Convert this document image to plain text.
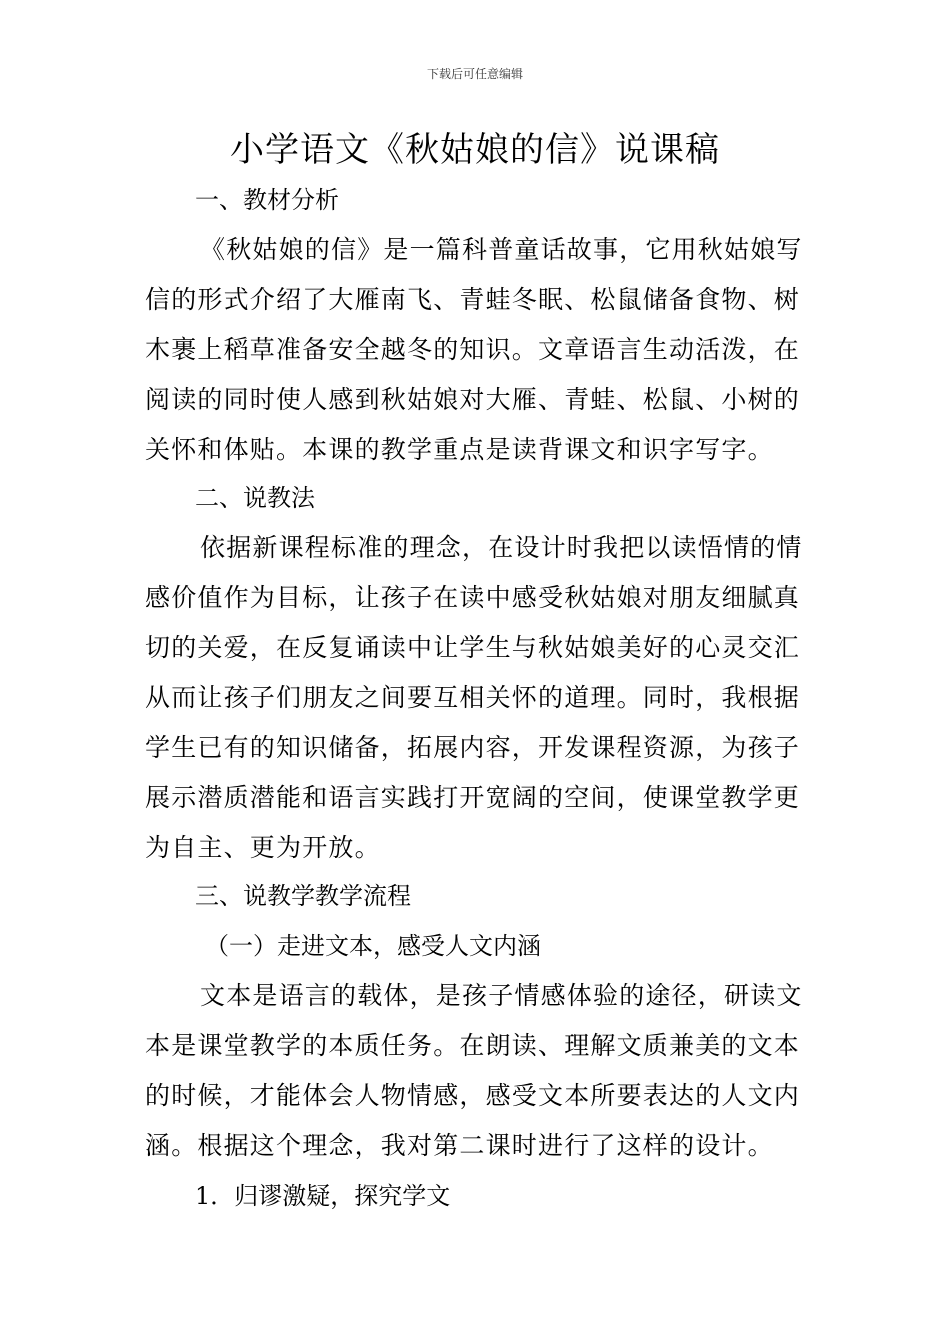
下载后可任意编辑
小学语文《秋姑娘的信》说课稿
一、教材分析
《秋姑娘的信》是一篇科普童话故事，它用秋姑娘写
信的形式介绍了大雁南飞、青蛙冬眠、松鼠储备食物、树
木裹上稻草准备安全越冬的知识。文章语言生动活泼，在
阅读的同时使人感到秋姑娘对大雁、青蛙、松鼠、小树的
关怀和体贴。本课的教学重点是读背课文和识字写字。
二、说教法
依据新课程标准的理念，在设计时我把以读悟情的情
感价值作为目标，让孩子在读中感受秋姑娘对朋友细腻真
切的关爱，在反复诵读中让学生与秋姑娘美好的心灵交汇
从而让孩子们朋友之间要互相关怀的道理。同时，我根据
学生已有的知识储备，拓展内容，开发课程资源，为孩子
展示潜质潜能和语言实践打开宽阔的空间，使课堂教学更
为自主、更为开放。
三、说教学教学流程
（一）走进文本，感受人文内涵
文本是语言的载体，是孩子情感体验的途径，研读文
本是课堂教学的本质任务。在朗读、理解文质兼美的文本
的时候，才能体会人物情感，感受文本所要表达的人文内
涵。根据这个理念，我对第二课时进行了这样的设计。
1．归谬激疑，探究学文
